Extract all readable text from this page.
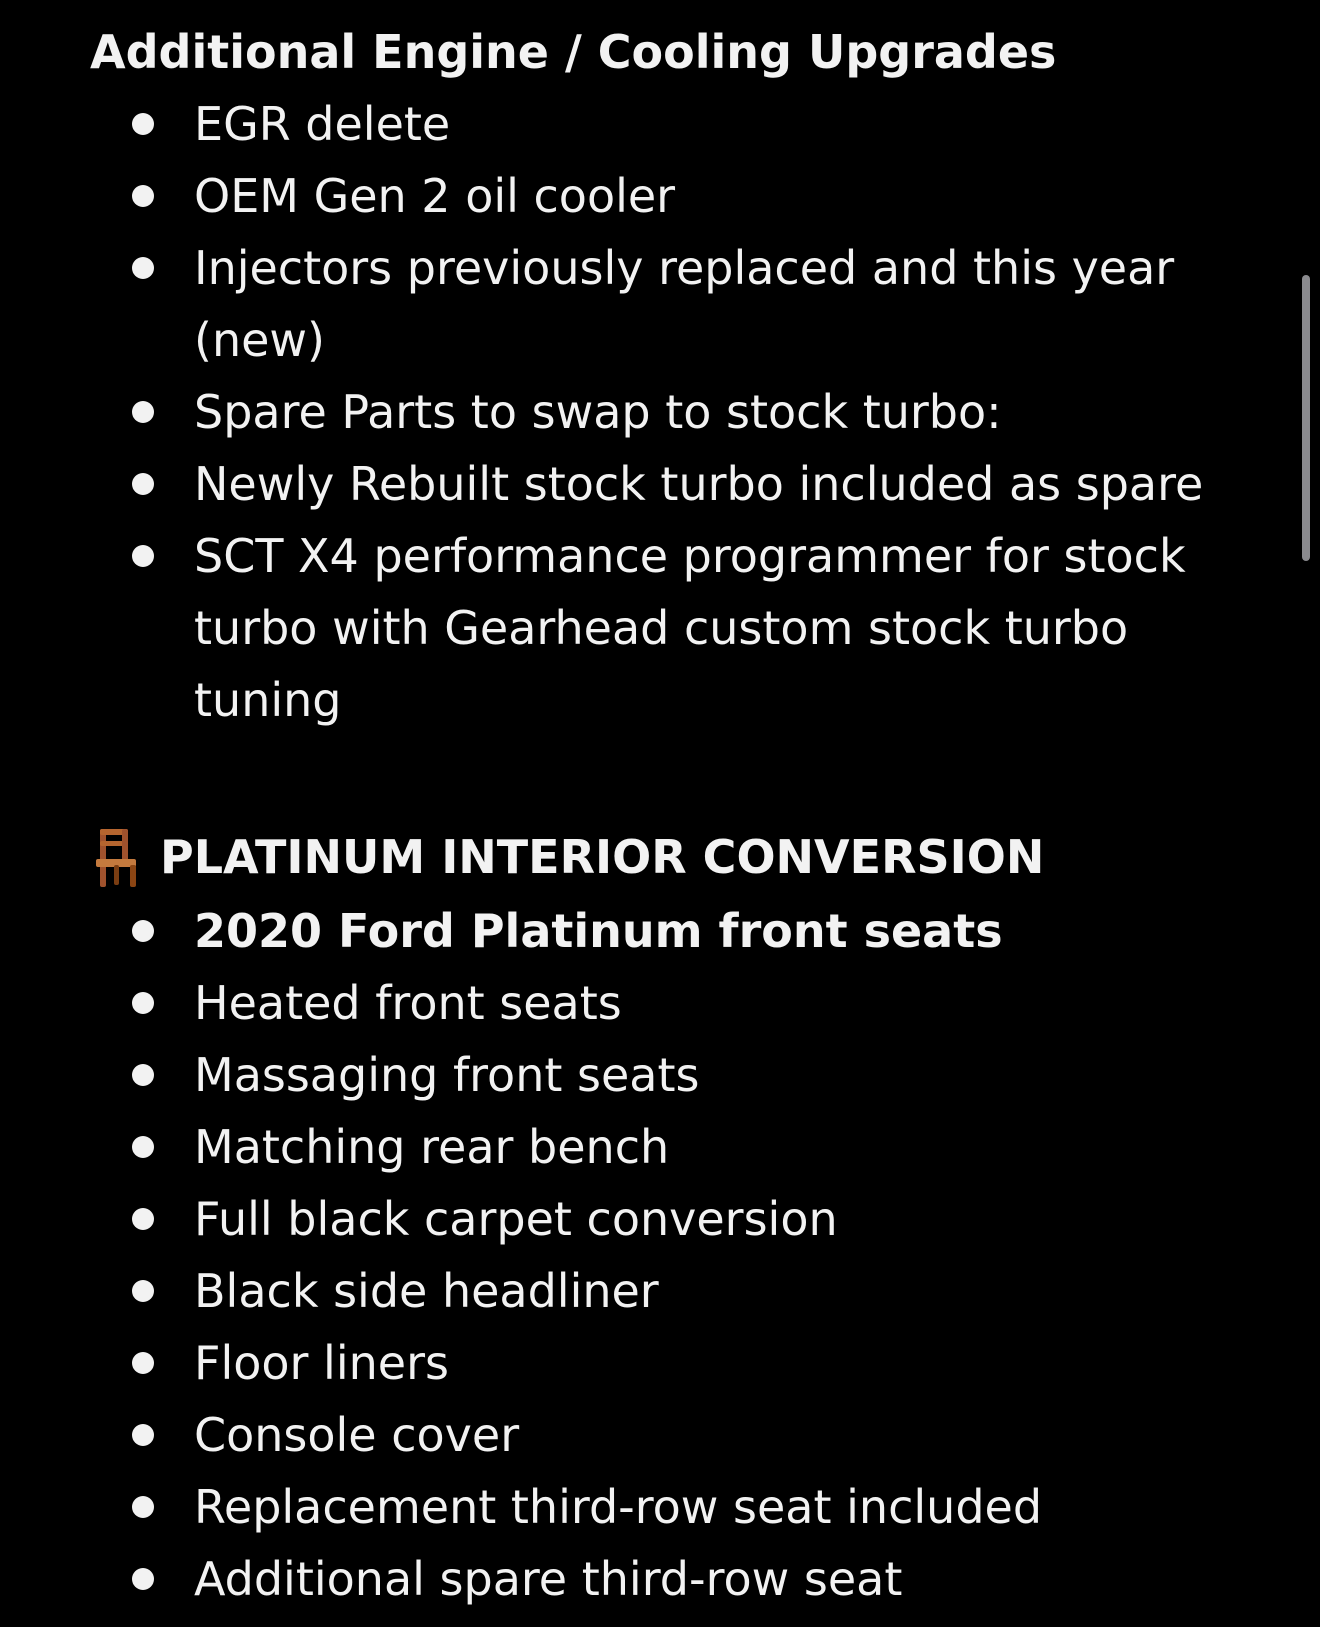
Additional Engine / Cooling Upgrades
EGR delete
OEM Gen 2 oil cooler
Injectors previously replaced and this year (new)
Spare Parts to swap to stock turbo:
Newly Rebuilt stock turbo included as spare
SCT X4 performance programmer for stock turbo with Gearhead custom stock turbo tuning
PLATINUM INTERIOR CONVERSION
2020 Ford Platinum front seats
Heated front seats
Massaging front seats
Matching rear bench
Full black carpet conversion
Black side headliner
Floor liners
Console cover
Replacement third-row seat included
Additional spare third-row seat
